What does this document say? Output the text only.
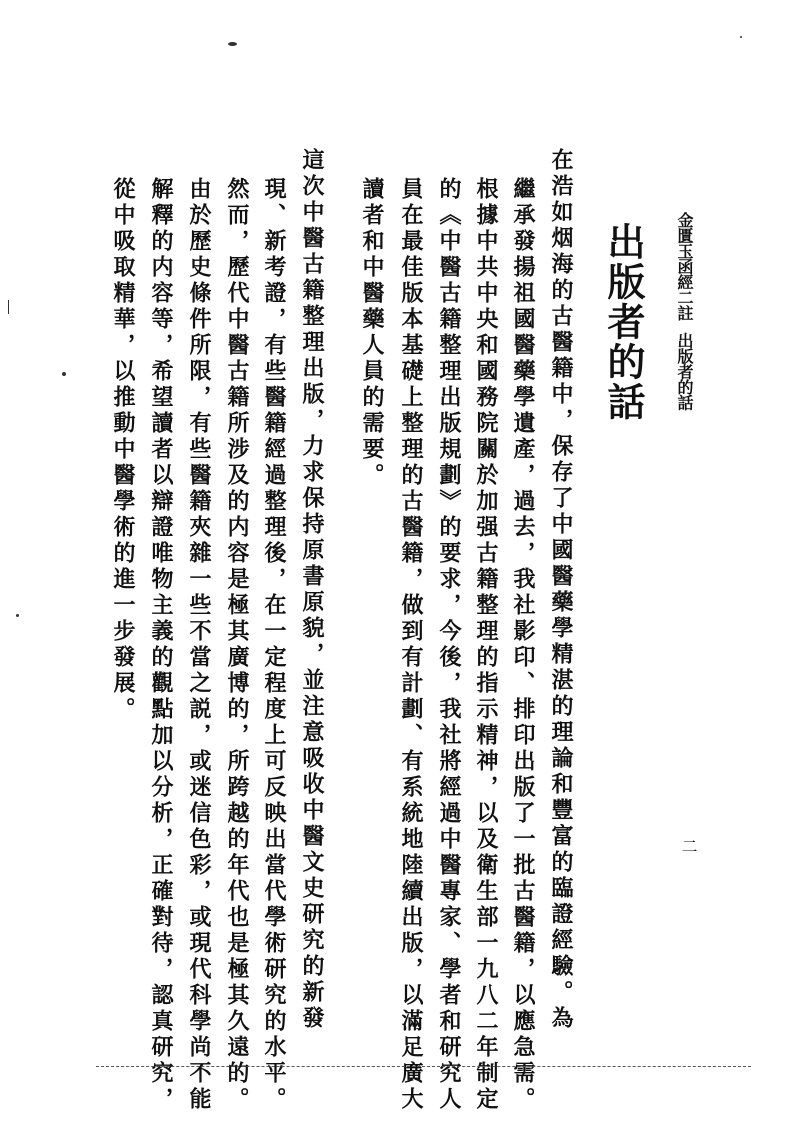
金匱玉函經二註出版者的話
二
出版者的話
在浩如烟海的古醫籍中，保存了中國醫藥學精湛的理論和豐富的臨證經驗。為
繼承發揚祖國醫藥學遺產，過去，我社影印、排印出版了一批古醫籍，以應急需。
根據中共中央和國務院關於加强古籍整理的指示精神，以及衛生部一九八二年制定
的《中醫古籍整理出版規劃》的要求，今後，我社將經過中醫專家、學者和研究人
員在最佳版本基礎上整理的古醫籍，做到有計劃、有系統地陸續出版，以滿足廣大
讀者和中醫藥人員的需要。
這次中醫古籍整理出版，力求保持原書原貌，並注意吸收中醫文史研究的新發
現、新考證，有些醫籍經過整理後，在一定程度上可反映出當代學術研究的水平。
然而，歷代中醫古籍所涉及的内容是極其廣博的，所跨越的年代也是極其久遠的。
由於歷史條件所限，有些醫籍夾雜一些不當之説，或迷信色彩，或現代科學尚不能
解釋的内容等，希望讀者以辯證唯物主義的觀點加以分析，正確對待，認真研究，
從中吸取精華，以推動中醫學術的進一步發展。
